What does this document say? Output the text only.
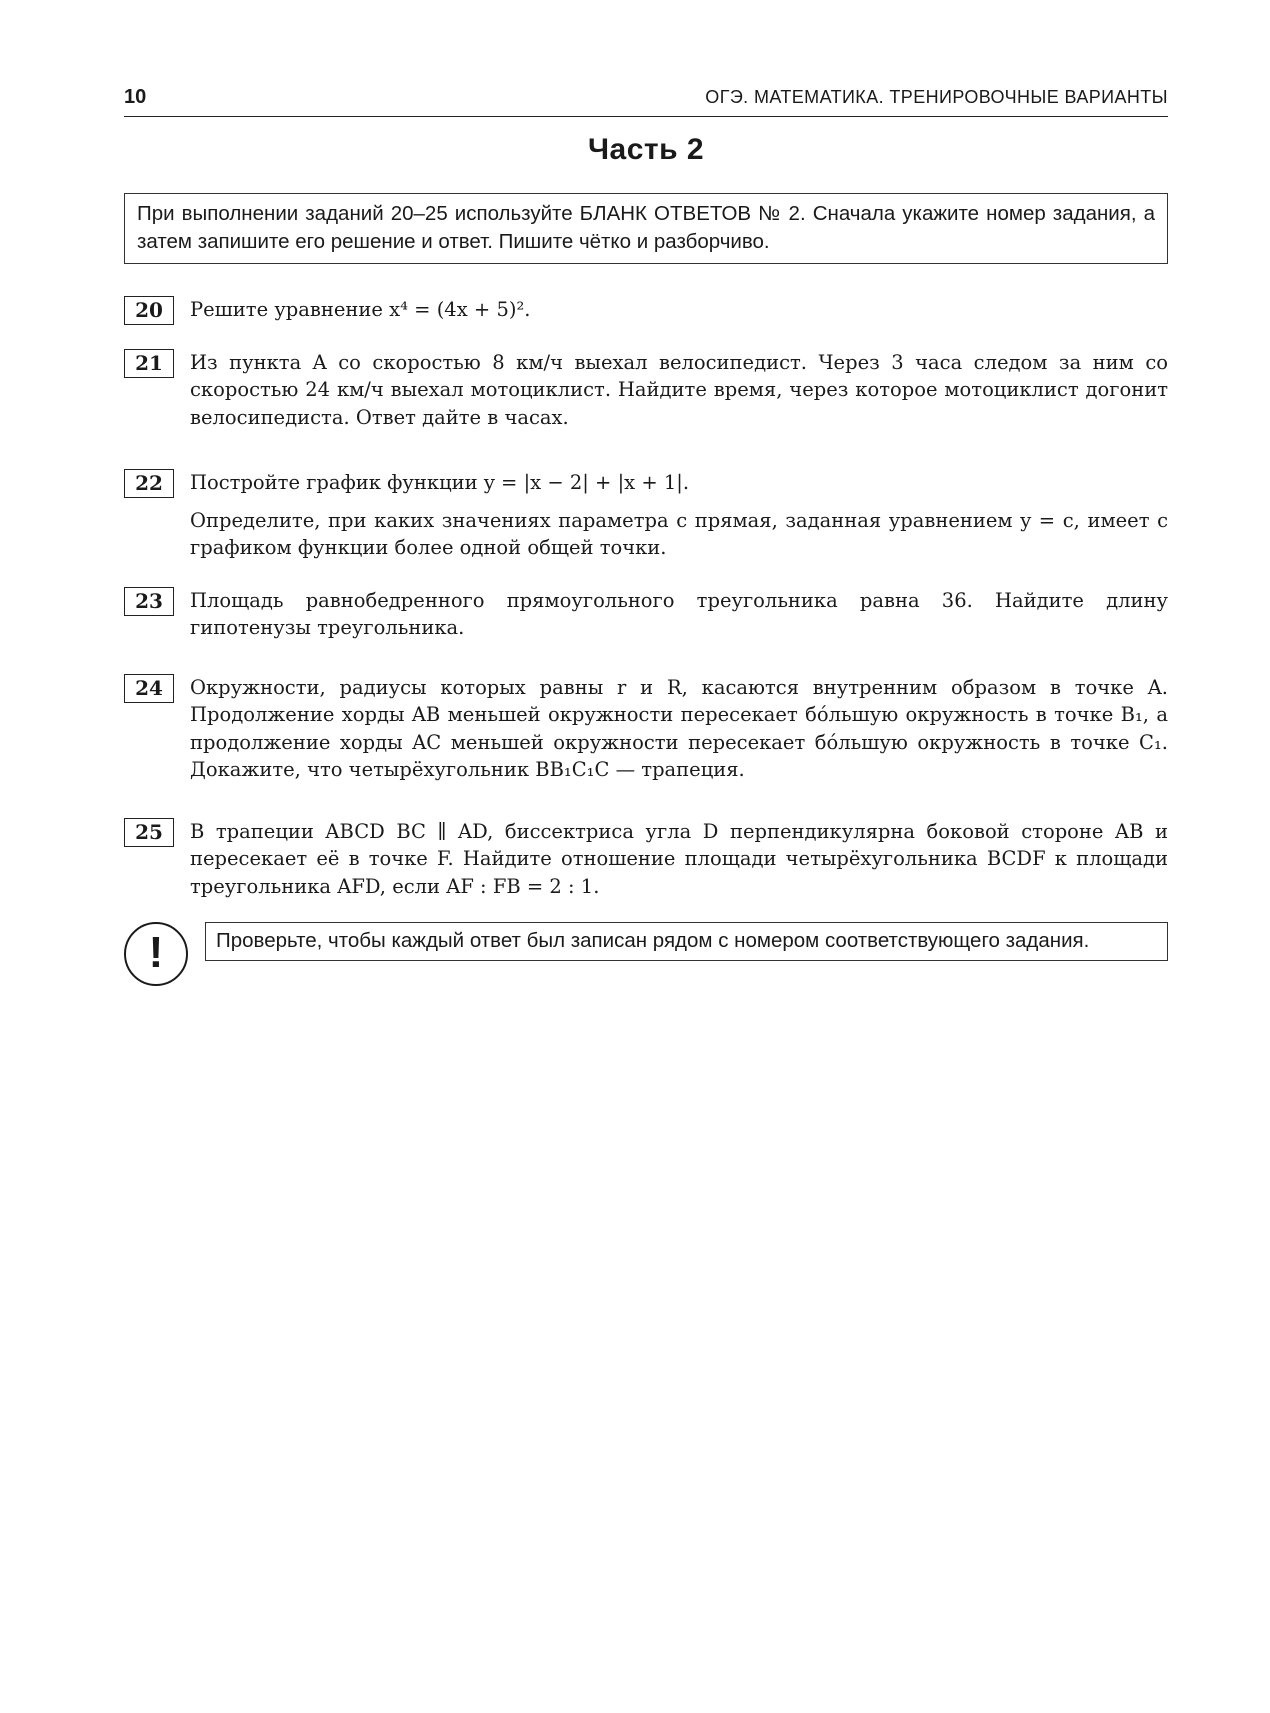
10	ОГЭ. МАТЕМАТИКА. ТРЕНИРОВОЧНЫЕ ВАРИАНТЫ
Часть 2
При выполнении заданий 20–25 используйте БЛАНК ОТВЕТОВ № 2. Сначала укажите номер задания, а затем запишите его решение и ответ. Пишите чётко и разборчиво.
20	Решите уравнение x⁴ = (4x + 5)².

21	Из пункта A со скоростью 8 км/ч выехал велосипедист. Через 3 часа следом за ним со скоростью 24 км/ч выехал мотоциклист. Найдите время, через которое мотоциклист догонит велосипедиста. Ответ дайте в часах.

22	Постройте график функции y = |x − 2| + |x + 1|.

Определите, при каких значениях параметра c прямая, заданная уравнением y = c, имеет с графиком функции более одной общей точки.

23	Площадь равнобедренного прямоугольного треугольника равна 36. Найдите длину гипотенузы треугольника.

24	Окружности, радиусы которых равны r и R, касаются внутренним образом в точке A. Продолжение хорды AB меньшей окружности пересекает бóльшую окружность в точке B₁, а продолжение хорды AC меньшей окружности пересекает бóльшую окружность в точке C₁. Докажите, что четырёхугольник BB₁C₁C — трапеция.

25	В трапеции ABCD BC ∥ AD, биссектриса угла D перпендикулярна боковой стороне AB и пересекает её в точке F. Найдите отношение площади четырёхугольника BCDF к площади треугольника AFD, если AF : FB = 2 : 1.

!	Проверьте, чтобы каждый ответ был записан рядом с номером соответствующего задания.
